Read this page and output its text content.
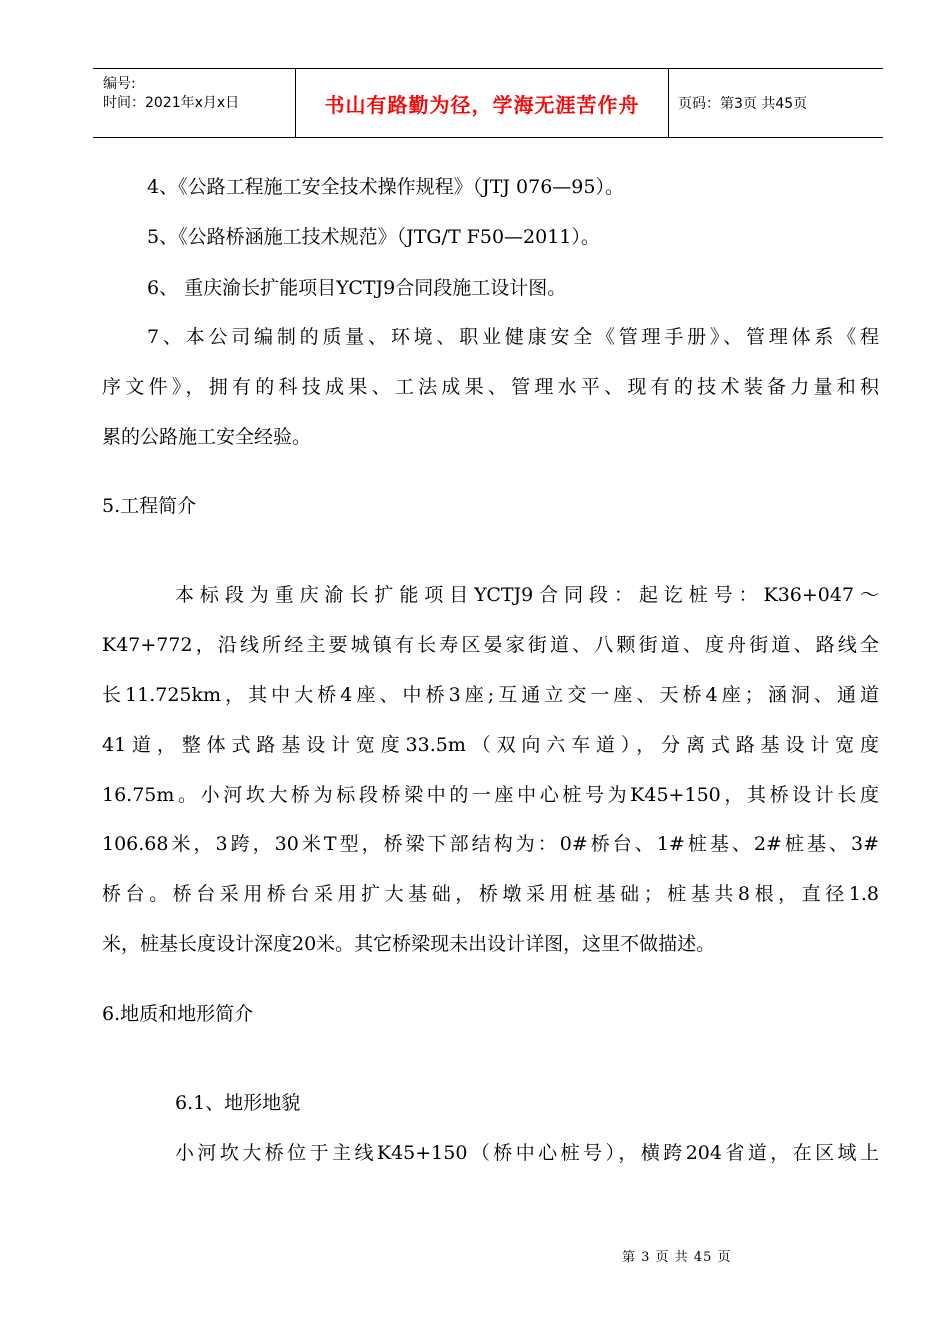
编号:
时间：2021年x月x日	书山有路勤为径，学海无涯苦作舟	页码：第3页 共45页
4、《公路工程施工安全技术操作规程》（JTJ 076—95）。
5、《公路桥涵施工技术规范》（JTG/T F50—2011）。
6、 重庆渝长扩能项目YCTJ9合同段施工设计图。
7、本公司编制的质量、环境、职业健康安全《管理手册》、管理体系《程
序文件》，拥有的科技成果、工法成果、管理水平、现有的技术装备力量和积
累的公路施工安全经验。
5.工程简介
本标段为重庆渝长扩能项目YCTJ9合同段：起讫桩号：K36+047～
K47+772，沿线所经主要城镇有长寿区晏家街道、八颗街道、度舟街道、路线全
长11.725km，其中大桥4座、中桥3座;互通立交一座、天桥4座；涵洞、通道
41道，整体式路基设计宽度33.5m（双向六车道），分离式路基设计宽度
16.75m。小河坎大桥为标段桥梁中的一座中心桩号为K45+150，其桥设计长度
106.68米，3跨，30米T型，桥梁下部结构为：0#桥台、1#桩基、2#桩基、3#
桥台。桥台采用桥台采用扩大基础，桥墩采用桩基础；桩基共8根，直径1.8
米，桩基长度设计深度20米。其它桥梁现未出设计详图，这里不做描述。
6.地质和地形简介
6.1、地形地貌
小河坎大桥位于主线K45+150（桥中心桩号），横跨204省道，在区域上
第 3 页 共 45 页
